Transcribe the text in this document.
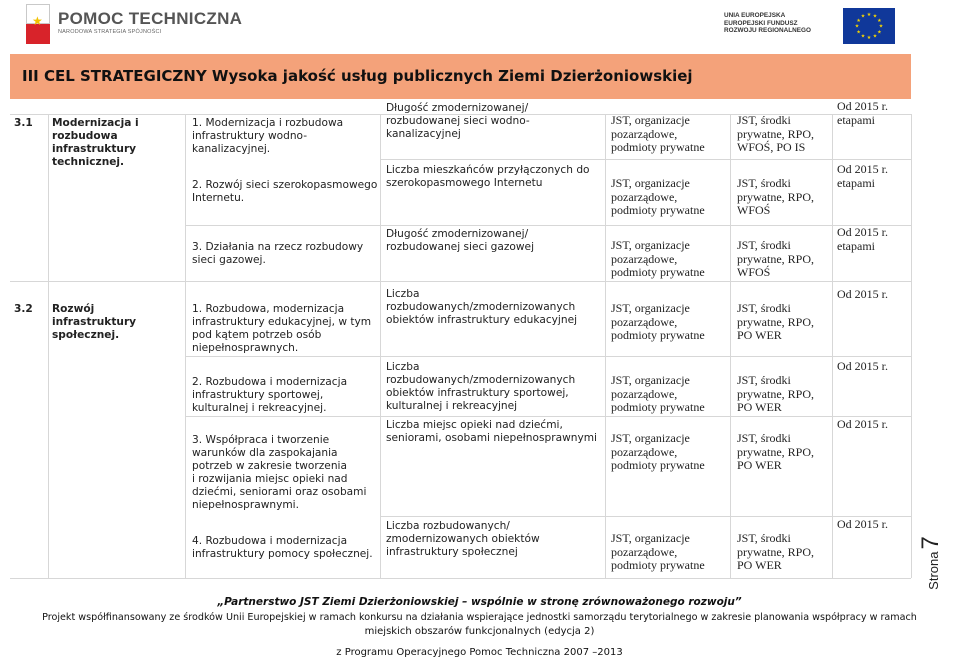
★ POMOC TECHNICZNA
NARODOWA STRATEGIA SPÓJNOŚCI
UNIA EUROPEJSKA
EUROPEJSKI FUNDUSZ
ROZWOJU REGIONALNEGO
★ ★
★
★
★
★
★
★
★
★
★
★
III CEL STRATEGICZNY Wysoka jakość usług publicznych Ziemi Dzierżoniowskiej
3.1 Modernizacja i
rozbudowa
infrastruktury
technicznej.
3.2 Rozwój infrastruktury
społecznej.
1. Modernizacja i rozbudowa
infrastruktury wodno-
kanalizacyjnej.
2. Rozwój sieci szerokopasmowego
Internetu.
3. Działania na rzecz rozbudowy
sieci gazowej.
1. Rozbudowa, modernizacja
infrastruktury edukacyjnej, w tym
pod kątem potrzeb osób
niepełnosprawnych.
2. Rozbudowa i modernizacja
infrastruktury sportowej,
kulturalnej i rekreacyjnej.
3. Współpraca i tworzenie
warunków dla zaspokajania
potrzeb w zakresie tworzenia
i rozwijania miejsc opieki nad
dziećmi, seniorami oraz osobami
niepełnosprawnymi.
4. Rozbudowa i modernizacja
infrastruktury pomocy społecznej.
Długość zmodernizowanej/
rozbudowanej sieci wodno-
kanalizacyjnej
Liczba mieszkańców przyłączonych do
szerokopasmowego Internetu
Długość zmodernizowanej/
rozbudowanej sieci gazowej
Liczba
rozbudowanych/zmodernizowanych
obiektów infrastruktury edukacyjnej
Liczba
rozbudowanych/zmodernizowanych
obiektów infrastruktury sportowej,
kulturalnej i rekreacyjnej
Liczba miejsc opieki nad dziećmi,
seniorami, osobami niepełnosprawnymi
Liczba rozbudowanych/
zmodernizowanych obiektów
infrastruktury społecznej
JST, organizacje
pozarządowe,
podmioty prywatne
JST, organizacje
pozarządowe,
podmioty prywatne
JST, organizacje
pozarządowe,
podmioty prywatne
JST, organizacje
pozarządowe,
podmioty prywatne
JST, organizacje
pozarządowe,
podmioty prywatne
JST, organizacje
pozarządowe,
podmioty prywatne
JST, organizacje
pozarządowe,
podmioty prywatne
JST, środki
prywatne, RPO,
WFOŚ, PO IS
JST, środki
prywatne, RPO,
WFOŚ
JST, środki
prywatne, RPO,
WFOŚ
JST, środki
prywatne, RPO,
PO WER
JST, środki
prywatne, RPO,
PO WER
JST, środki
prywatne, RPO,
PO WER
JST, środki
prywatne, RPO,
PO WER
Od 2015 r.
etapami
Od 2015 r.
etapami
Od 2015 r.
etapami
Od 2015 r.
Od 2015 r.
Od 2015 r.
Od 2015 r.
Strona7
„Partnerstwo JST Ziemi Dzierżoniowskiej – wspólnie w stronę zrównoważonego rozwoju”
Projekt współfinansowany ze środków Unii Europejskiej w ramach konkursu na działania wspierające jednostki samorządu terytorialnego w zakresie planowania współpracy w ramach
miejskich obszarów funkcjonalnych (edycja 2)
z Programu Operacyjnego Pomoc Techniczna 2007 –2013
